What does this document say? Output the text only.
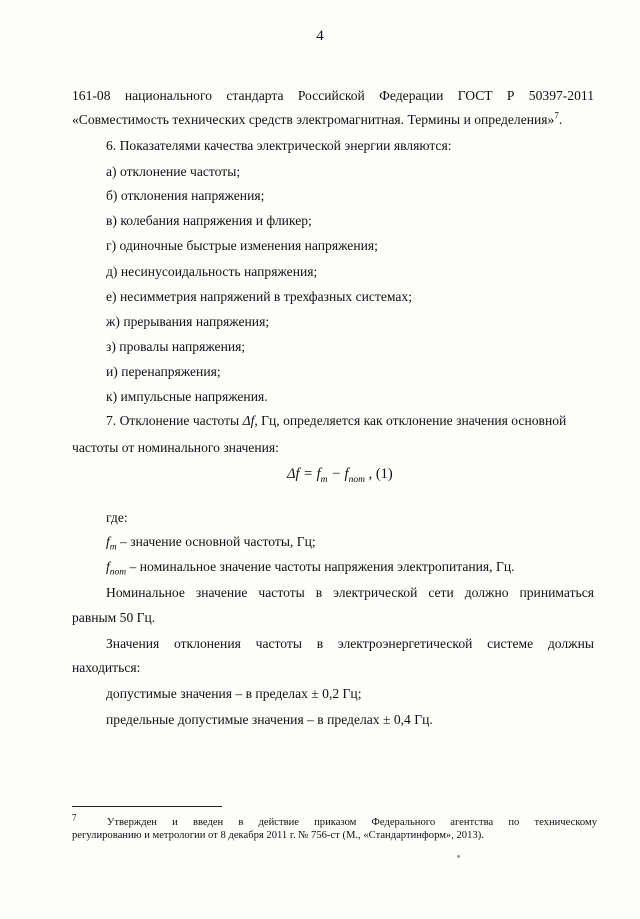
4
161-08 национального стандарта Российской Федерации ГОСТ Р 50397-2011
«Совместимость технических средств электромагнитная. Термины и определения»$^7$.
6. Показателями качества электрической энергии являются:
а) отклонение частоты;
б) отклонения напряжения;
в) колебания напряжения и фликер;
г) одиночные быстрые изменения напряжения;
д) несинусоидальность напряжения;
е) несимметрия напряжений в трехфазных системах;
ж) прерывания напряжения;
з) провалы напряжения;
и) перенапряжения;
к) импульсные напряжения.
7. Отклонение частоты Δf, Гц, определяется как отклонение значения основной
частоты от номинального значения:
$\Delta f = f_m - f_{nom}$ , (1)
где:
$f_m$ – значение основной частоты, Гц;
$f_{nom}$ – номинальное значение частоты напряжения электропитания, Гц.
Номинальное значение частоты в электрической сети должно приниматься
равным 50 Гц.
Значения отклонения частоты в электроэнергетической системе должны
находиться:
допустимые значения – в пределах ± 0,2 Гц;
предельные допустимые значения – в пределах ± 0,4 Гц.
$^7$	Утвержден и введен в действие приказом Федерального агентства по техническому
регулированию и метрологии от 8 декабря 2011 г. № 756-ст (М., «Стандартинформ», 2013).
